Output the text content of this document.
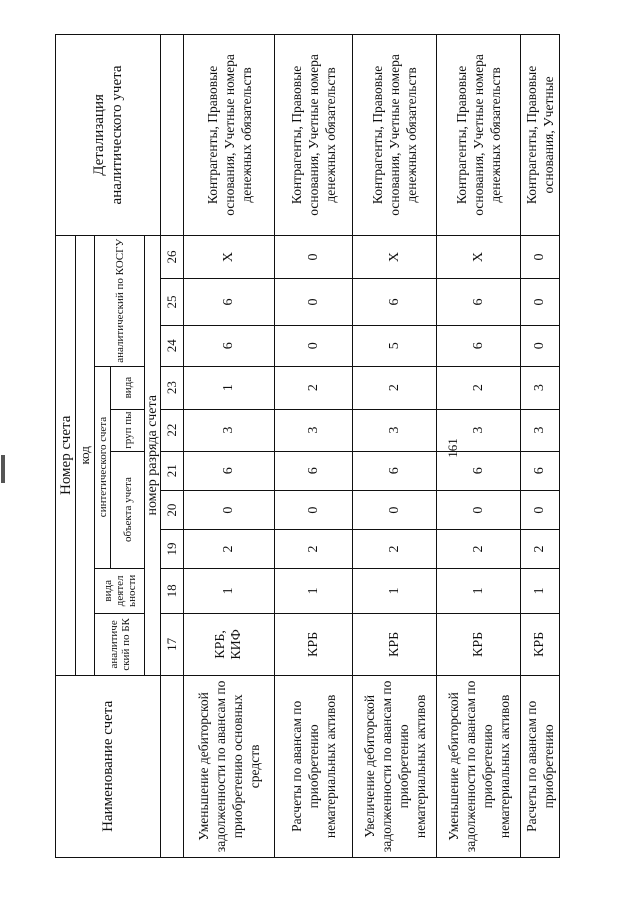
161
Наименование счета	Номер счета										Детализация аналитического учета
	код										
	аналитиче ский по БК	вида деятел ьности	синтетического счета					аналитический по КОСГУ			
			объекта учета			груп пы	вида				
	номер разряда счета										
	17	18	19	20	21	22	23	24	25	26	
Уменьшение дебиторской задолженности по авансам по приобретению основных средств	КРБ, КИФ	1	2	0	6	3	1	6	6	X	Контрагенты, Правовые основания, Учетные номера денежных обязательств
Расчеты по авансам по приобретению нематериальных активов	КРБ	1	2	0	6	3	2	0	0	0	Контрагенты, Правовые основания, Учетные номера денежных обязательств
Увеличение дебиторской задолженности по авансам по приобретению нематериальных активов	КРБ	1	2	0	6	3	2	5	6	X	Контрагенты, Правовые основания, Учетные номера денежных обязательств
Уменьшение дебиторской задолженности по авансам по приобретению нематериальных активов	КРБ	1	2	0	6	3	2	6	6	X	Контрагенты, Правовые основания, Учетные номера денежных обязательств
Расчеты по авансам по приобретению	КРБ	1	2	0	6	3	3	0	0	0	Контрагенты, Правовые основания, Учетные
